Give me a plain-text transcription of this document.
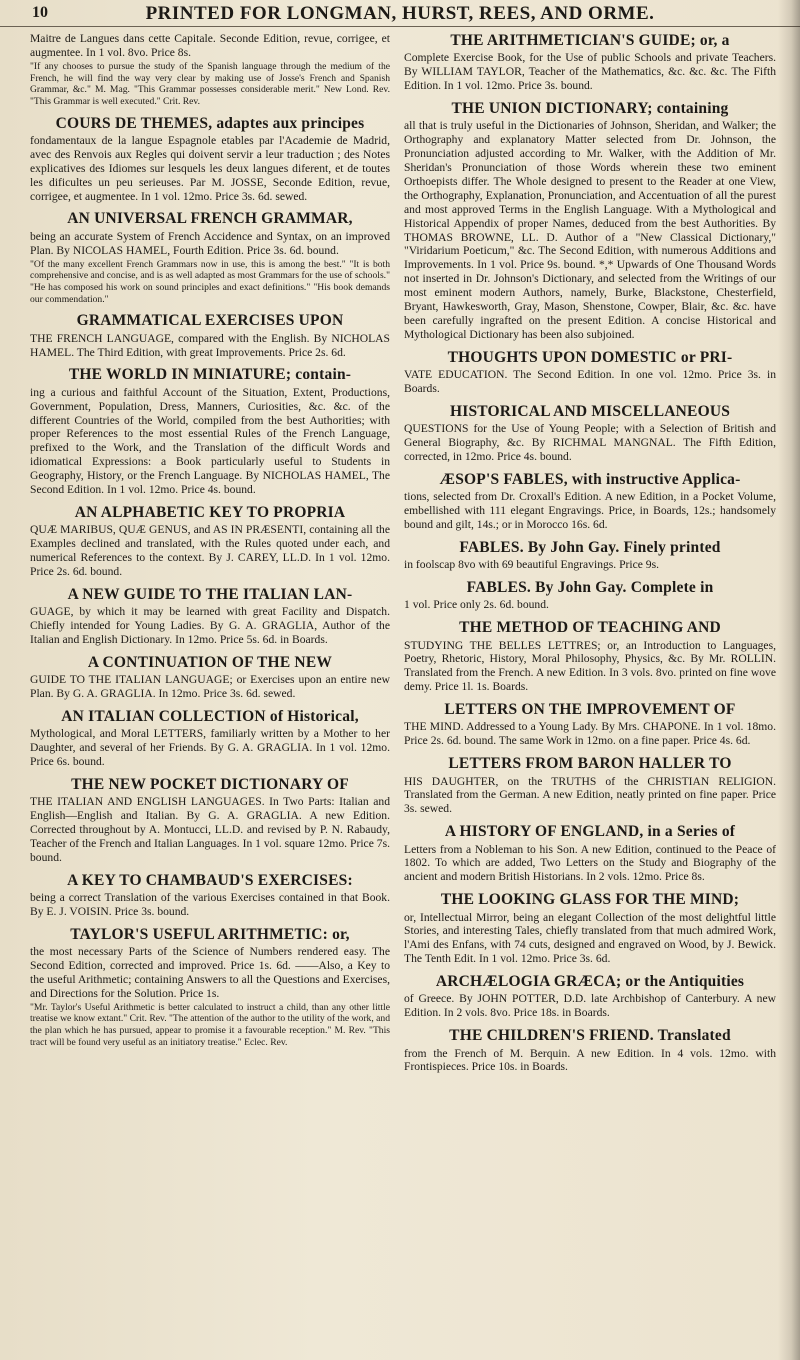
10	PRINTED FOR LONGMAN, HURST, REES, AND ORME.
Maitre de Langues dans cette Capitale. Seconde Edition, revue, corrigee, et augmentee. In 1 vol. 8vo. Price 8s.
"If any chooses to pursue the study of the Spanish language through the medium of the French, he will find the way very clear by making use of Josse's French and Spanish Grammar, &c." M. Mag. "This Grammar possesses considerable merit." New Lond. Rev. "This Grammar is well executed." Crit. Rev.
COURS DE THEMES, adaptes aux principes
fondamentaux de la langue Espagnole etables par l'Academie de Madrid, avec des Renvois aux Regles qui doivent servir a leur traduction ; des Notes explicatives des Idiomes sur lesquels les deux langues diferent, et de toutes les dificultes un peu serieuses. Par M. JOSSE, Seconde Edition, revue, corrigee, et augmentee. In 1 vol. 12mo. Price 3s. 6d. sewed.
AN UNIVERSAL FRENCH GRAMMAR,
being an accurate System of French Accidence and Syntax, on an improved Plan. By NICOLAS HAMEL, Fourth Edition. Price 3s. 6d. bound.
"Of the many excellent French Grammars now in use, this is among the best." "It is both comprehensive and concise, and is as well adapted as most Grammars for the use of schools." "He has composed his work on sound principles and exact definitions." "His book demands our commendation."
GRAMMATICAL EXERCISES UPON
THE FRENCH LANGUAGE, compared with the English. By NICHOLAS HAMEL. The Third Edition, with great Improvements. Price 2s. 6d.
THE WORLD IN MINIATURE; contain-
ing a curious and faithful Account of the Situation, Extent, Productions, Government, Population, Dress, Manners, Curiosities, &c. &c. of the different Countries of the World, compiled from the best Authorities; with proper References to the most essential Rules of the French Language, prefixed to the Work, and the Translation of the difficult Words and idiomatical Expressions: a Book particularly useful to Students in Geography, History, or the French Language. By NICHOLAS HAMEL, The Second Edition. In 1 vol. 12mo. Price 4s. bound.
AN ALPHABETIC KEY TO PROPRIA
QUÆ MARIBUS, QUÆ GENUS, and AS IN PRÆSENTI, containing all the Examples declined and translated, with the Rules quoted under each, and numerical References to the context. By J. CAREY, LL.D. In 1 vol. 12mo. Price 2s. 6d. bound.
A NEW GUIDE TO THE ITALIAN LAN-
GUAGE, by which it may be learned with great Facility and Dispatch. Chiefly intended for Young Ladies. By G. A. GRAGLIA, Author of the Italian and English Dictionary. In 12mo. Price 5s. 6d. in Boards.
A CONTINUATION OF THE NEW
GUIDE TO THE ITALIAN LANGUAGE; or Exercises upon an entire new Plan. By G. A. GRAGLIA. In 12mo. Price 3s. 6d. sewed.
AN ITALIAN COLLECTION of Historical,
Mythological, and Moral LETTERS, familiarly written by a Mother to her Daughter, and several of her Friends. By G. A. GRAGLIA. In 1 vol. 12mo. Price 6s. bound.
THE NEW POCKET DICTIONARY OF
THE ITALIAN AND ENGLISH LANGUAGES. In Two Parts: Italian and English—English and Italian. By G. A. GRAGLIA. A new Edition. Corrected throughout by A. Montucci, LL.D. and revised by P. N. Rabaudy, Teacher of the French and Italian Languages. In 1 vol. square 12mo. Price 7s. bound.
A KEY TO CHAMBAUD'S EXERCISES:
being a correct Translation of the various Exercises contained in that Book. By E. J. VOISIN. Price 3s. bound.
TAYLOR'S USEFUL ARITHMETIC: or,
the most necessary Parts of the Science of Numbers rendered easy. The Second Edition, corrected and improved. Price 1s. 6d. ——Also, a Key to the useful Arithmetic; containing Answers to all the Questions and Exercises, and Directions for the Solution. Price 1s.
"Mr. Taylor's Useful Arithmetic is better calculated to instruct a child, than any other little treatise we know extant." Crit. Rev. "The attention of the author to the utility of the work, and the plan which he has pursued, appear to promise it a favourable reception." M. Rev. "This tract will be found very useful as an initiatory treatise." Eclec. Rev.
THE ARITHMETICIAN'S GUIDE; or, a
Complete Exercise Book, for the Use of public Schools and private Teachers. By WILLIAM TAYLOR, Teacher of the Mathematics, &c. &c. &c. The Fifth Edition. In 1 vol. 12mo. Price 3s. bound.
THE UNION DICTIONARY; containing
all that is truly useful in the Dictionaries of Johnson, Sheridan, and Walker; the Orthography and explanatory Matter selected from Dr. Johnson, the Pronunciation adjusted according to Mr. Walker, with the Addition of Mr. Sheridan's Pronunciation of those Words wherein these two eminent Orthoepists differ. The Whole designed to present to the Reader at one View, the Orthography, Explanation, Pronunciation, and Accentuation of all the purest and most approved Terms in the English Language. With a Mythological and Historical Appendix of proper Names, deduced from the best Authorities. By THOMAS BROWNE, LL. D. Author of a "New Classical Dictionary," "Viridarium Poeticum," &c. The Second Edition, with numerous Additions and Improvements. In 1 vol. Price 9s. bound. *,* Upwards of One Thousand Words not inserted in Dr. Johnson's Dictionary, and selected from the Writings of our most eminent modern Authors, namely, Burke, Blackstone, Chesterfield, Bryant, Hawkesworth, Gray, Mason, Shenstone, Cowper, Blair, &c. &c. have been carefully ingrafted on the present Edition. A concise Historical and Mythological Dictionary has been also subjoined.
THOUGHTS UPON DOMESTIC or PRI-
VATE EDUCATION. The Second Edition. In one vol. 12mo. Price 3s. in Boards.
HISTORICAL AND MISCELLANEOUS
QUESTIONS for the Use of Young People; with a Selection of British and General Biography, &c. By RICHMAL MANGNAL. The Fifth Edition, corrected, in 12mo. Price 4s. bound.
ÆSOP'S FABLES, with instructive Applica-
tions, selected from Dr. Croxall's Edition. A new Edition, in a Pocket Volume, embellished with 111 elegant Engravings. Price, in Boards, 12s.; handsomely bound and gilt, 14s.; or in Morocco 16s. 6d.
FABLES. By John Gay. Finely printed
in foolscap 8vo with 69 beautiful Engravings. Price 9s.
FABLES. By John Gay. Complete in
1 vol. Price only 2s. 6d. bound.
THE METHOD OF TEACHING AND
STUDYING THE BELLES LETTRES; or, an Introduction to Languages, Poetry, Rhetoric, History, Moral Philosophy, Physics, &c. By Mr. ROLLIN. Translated from the French. A new Edition. In 3 vols. 8vo. printed on fine wove demy. Price 1l. 1s. Boards.
LETTERS ON THE IMPROVEMENT OF
THE MIND. Addressed to a Young Lady. By Mrs. CHAPONE. In 1 vol. 18mo. Price 2s. 6d. bound. The same Work in 12mo. on a fine paper. Price 4s. 6d.
LETTERS FROM BARON HALLER TO
HIS DAUGHTER, on the TRUTHS of the CHRISTIAN RELIGION. Translated from the German. A new Edition, neatly printed on fine paper. Price 3s. sewed.
A HISTORY OF ENGLAND, in a Series of
Letters from a Nobleman to his Son. A new Edition, continued to the Peace of 1802. To which are added, Two Letters on the Study and Biography of the ancient and modern British Historians. In 2 vols. 12mo. Price 8s.
THE LOOKING GLASS FOR THE MIND;
or, Intellectual Mirror, being an elegant Collection of the most delightful little Stories, and interesting Tales, chiefly translated from that much admired Work, l'Ami des Enfans, with 74 cuts, designed and engraved on Wood, by J. Bewick. The Tenth Edit. In 1 vol. 12mo. Price 3s. 6d.
ARCHÆLOGIA GRÆCA; or the Antiquities
of Greece. By JOHN POTTER, D.D. late Archbishop of Canterbury. A new Edition. In 2 vols. 8vo. Price 18s. in Boards.
THE CHILDREN'S FRIEND. Translated
from the French of M. Berquin. A new Edition. In 4 vols. 12mo. with Frontispieces. Price 10s. in Boards.
